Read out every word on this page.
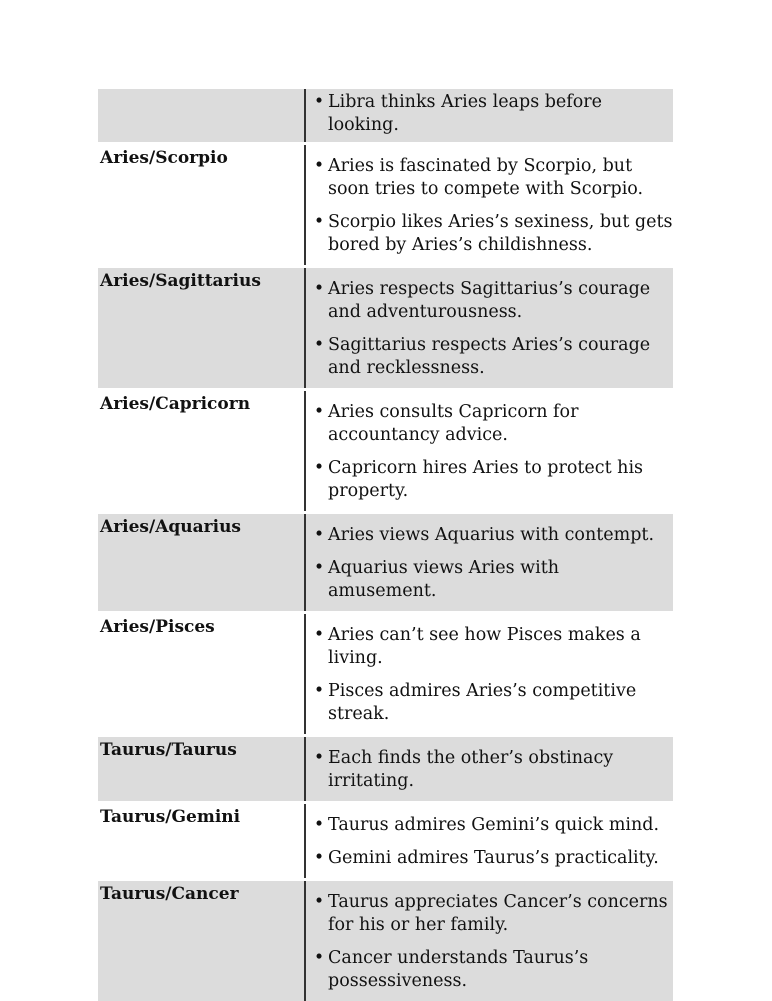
• Libra thinks Aries leaps before looking.
Aries/Scorpio	• Aries is fascinated by Scorpio, but soon tries to compete with Scorpio.
• Scorpio likes Aries’s sexiness, but gets bored by Aries’s childishness.
Aries/Sagittarius	• Aries respects Sagittarius’s courage and adventurousness.
• Sagittarius respects Aries’s courage and recklessness.
Aries/Capricorn	• Aries consults Capricorn for accountancy advice.
• Capricorn hires Aries to protect his property.
Aries/Aquarius	• Aries views Aquarius with contempt.
• Aquarius views Aries with amusement.
Aries/Pisces	• Aries can’t see how Pisces makes a living.
• Pisces admires Aries’s competitive streak.
Taurus/Taurus	• Each finds the other’s obstinacy irritating.
Taurus/Gemini	• Taurus admires Gemini’s quick mind.
• Gemini admires Taurus’s practicality.
Taurus/Cancer	• Taurus appreciates Cancer’s concerns for his or her family.
• Cancer understands Taurus’s possessiveness.
